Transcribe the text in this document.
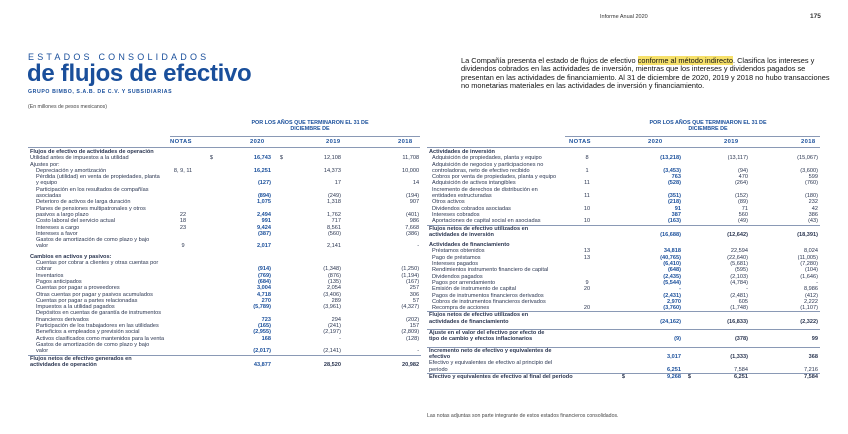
Informe Anual 2020	175
ESTADOS CONSOLIDADOS
de flujos de efectivo
GRUPO BIMBO, S.A.B. DE C.V. Y SUBSIDIARIAS
(En millones de pesos mexicanos)
La Compañía presenta el estado de flujos de efectivo conforme al método indirecto. Clasifica los intereses y dividendos cobrados en las actividades de inversión, mientras que los intereses y dividendos pagados se presentan en las actividades de financiamiento. Al 31 de diciembre de 2020, 2019 y 2018 no hubo transacciones no monetarias materiales en las actividades de inversión y financiamiento.
POR LOS AÑOS QUE TERMINARON EL 31 DE DICIEMBRE DE
NOTAS	2020	2019	2018
Flujos de efectivo de actividades de operación						
Utilidad antes de impuestos a la utilidad		$	16,743	$	12,108	11,708
Ajustes por:						
Depreciación y amortización	8, 9, 11		16,251		14,373	10,000
Pérdida (utilidad) en venta de propiedades, planta y equipo			(127)		17	14
Participación en los resultados de compañías asociadas			(894)		(249)	(194)
Deterioro de activos de larga duración			1,075		1,318	907
Planes de pensiones multipatronales y otros pasivos a largo plazo	22		2,494		1,762	(401)
Costo laboral del servicio actual	18		991		717	986
Intereses a cargo	23		9,424		8,561	7,668
Intereses a favor			(387)		(560)	(386)
Gastos de amortización de como plazo y bajo valor	9		2,017		2,141	-

Cambios en activos y pasivos:						
Cuentas por cobrar a clientes y otras cuentas por cobrar			(914)		(1,348)	(1,250)
Inventarios			(769)		(876)	(1,194)
Pagos anticipados			(684)		(135)	(167)
Cuentas por pagar a proveedores			3,004		2,054	257
Otras cuentas por pagar y pasivos acumulados			4,718		(3,406)	306
Cuentas por pagar a partes relacionadas			270		289	57
Impuestos a la utilidad pagados			(5,789)		(3,961)	(4,327)
Depósitos en cuentas de garantía de instrumentos financieros derivados			723		294	(202)
Participación de los trabajadores en las utilidades			(165)		(241)	157
Beneficios a empleados y previsión social			(2,955)		(2,197)	(2,809)
Activos clasificados como mantenidos para la venta			168		-	(128)
Gastos de amortización de como plazo y bajo valor			(2,017)		(2,141)	-
Flujos netos de efectivo generados en actividades de operación			43,877		28,520	20,982
POR LOS AÑOS QUE TERMINARON EL 31 DE DICIEMBRE DE
NOTAS	2020	2019	2018
Actividades de inversión						
Adquisición de propiedades, planta y equipo	8		(13,218)		(13,117)	(15,067)
Adquisición de negocios y participaciones no controladoras, neto de efectivo recibido	1		(3,453)		(94)	(3,600)
Cobros por venta de propiedades, planta y equipo			763		470	599
Adquisición de activos intangibles	11		(528)		(264)	(760)
Incremento de derechos de distribución en entidades estructuradas	11		(351)		(152)	(180)
Otros activos			(218)		(89)	232
Dividendos cobrados asociadas	10		91		71	42
Intereses cobrados			387		560	386
Aportaciones de capital social en asociadas	10		(163)		(49)	(43)
Flujos netos de efectivo utilizados en actividades de inversión			(16,688)		(12,642)	(18,391)

Actividades de financiamiento						
Préstamos obtenidos	13		34,818		22,594	8,024
Pago de préstamos	13		(40,765)		(22,640)	(11,005)
Intereses pagados			(6,410)		(5,681)	(7,280)
Rendimientos instrumento financiero de capital			(648)		(595)	(104)
Dividendos pagados			(2,435)		(2,103)	(1,646)
Pagos por arrendamiento	9		(5,544)		(4,784)	-
Emisión de instrumento de capital	20		-		-	8,986
Pagos de instrumentos financieros derivados			(2,431)		(2,481)	(412)
Cobros de instrumentos financieros derivados			2,970		605	2,222
Recompra de acciones	20		(3,760)		(1,748)	(1,107)
Flujos netos de efectivo utilizados en actividades de financiamiento			(24,162)		(16,833)	(2,322)

Ajuste en el valor del efectivo por efecto de tipo de cambio y efectos inflacionarios			(9)		(378)	99

Incremento neto de efectivo y equivalentes de efectivo			3,017		(1,333)	368
Efectivo y equivalentes de efectivo al principio del periodo			6,251		7,584	7,216
Efectivo y equivalentes de efectivo al final del periodo		$	9,268	$	6,251	7,584
Las notas adjuntas son parte integrante de estos estados financieros consolidados.
